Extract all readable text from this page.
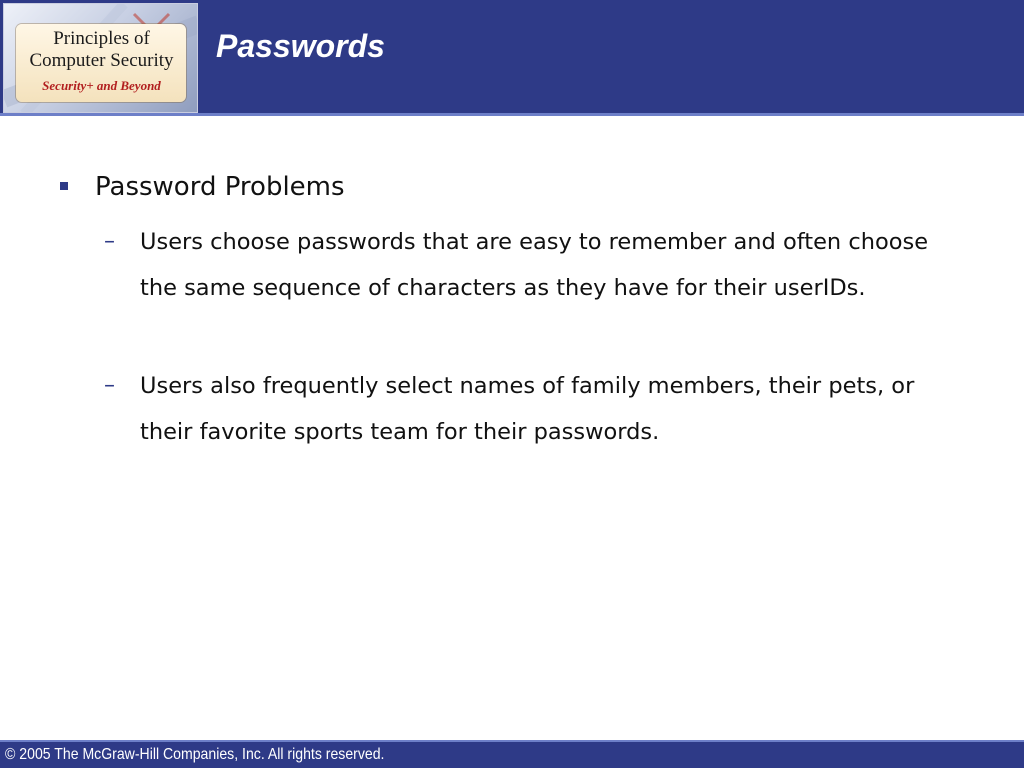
Principles of
Computer Security
Security+ and Beyond
Passwords
Password Problems
– Users choose passwords that are easy to remember and often choose the same sequence of characters as they have for their userIDs.
– Users also frequently select names of family members, their pets, or their favorite sports team for their passwords.
© 2005 The McGraw-Hill Companies, Inc. All rights reserved.
